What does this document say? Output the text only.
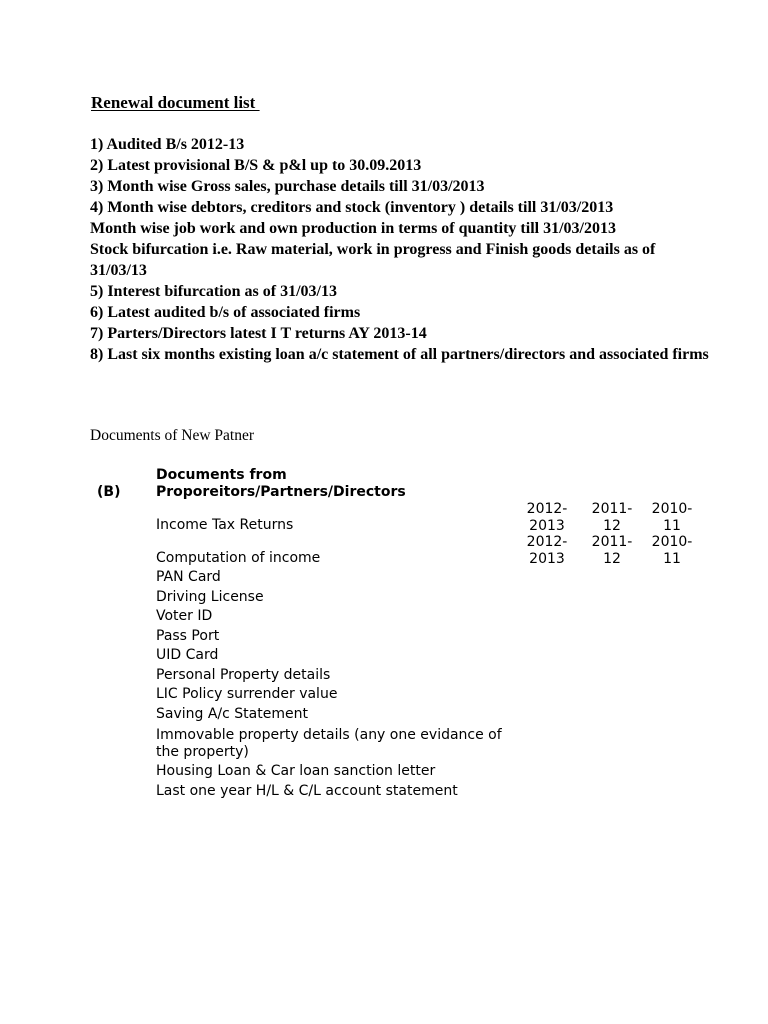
Renewal document list
1) Audited B/s 2012-13
2) Latest provisional B/S & p&l up to 30.09.2013
3) Month wise Gross sales, purchase details till 31/03/2013
4) Month wise debtors, creditors and stock (inventory ) details till 31/03/2013
Month wise job work and own production in terms of quantity till 31/03/2013
Stock bifurcation i.e. Raw material, work in progress and Finish goods details as of 31/03/13
5) Interest bifurcation as of 31/03/13
6) Latest audited b/s of associated firms
7) Parters/Directors latest I T returns AY 2013-14
8) Last six months existing loan a/c statement of all partners/directors and associated firms
Documents of New Patner
(B)
Documents from
Proporeitors/Partners/Directors
Income Tax Returns
2012-
2013
2011-
12
2010-
11
Computation of income
2012-
2013
2011-
12
2010-
11
PAN Card
Driving License
Voter ID
Pass Port
UID Card
Personal Property details
LIC Policy surrender value
Saving A/c Statement
Immovable property details (any one evidance of the property)
Housing Loan & Car loan sanction letter
Last one year H/L & C/L account statement
